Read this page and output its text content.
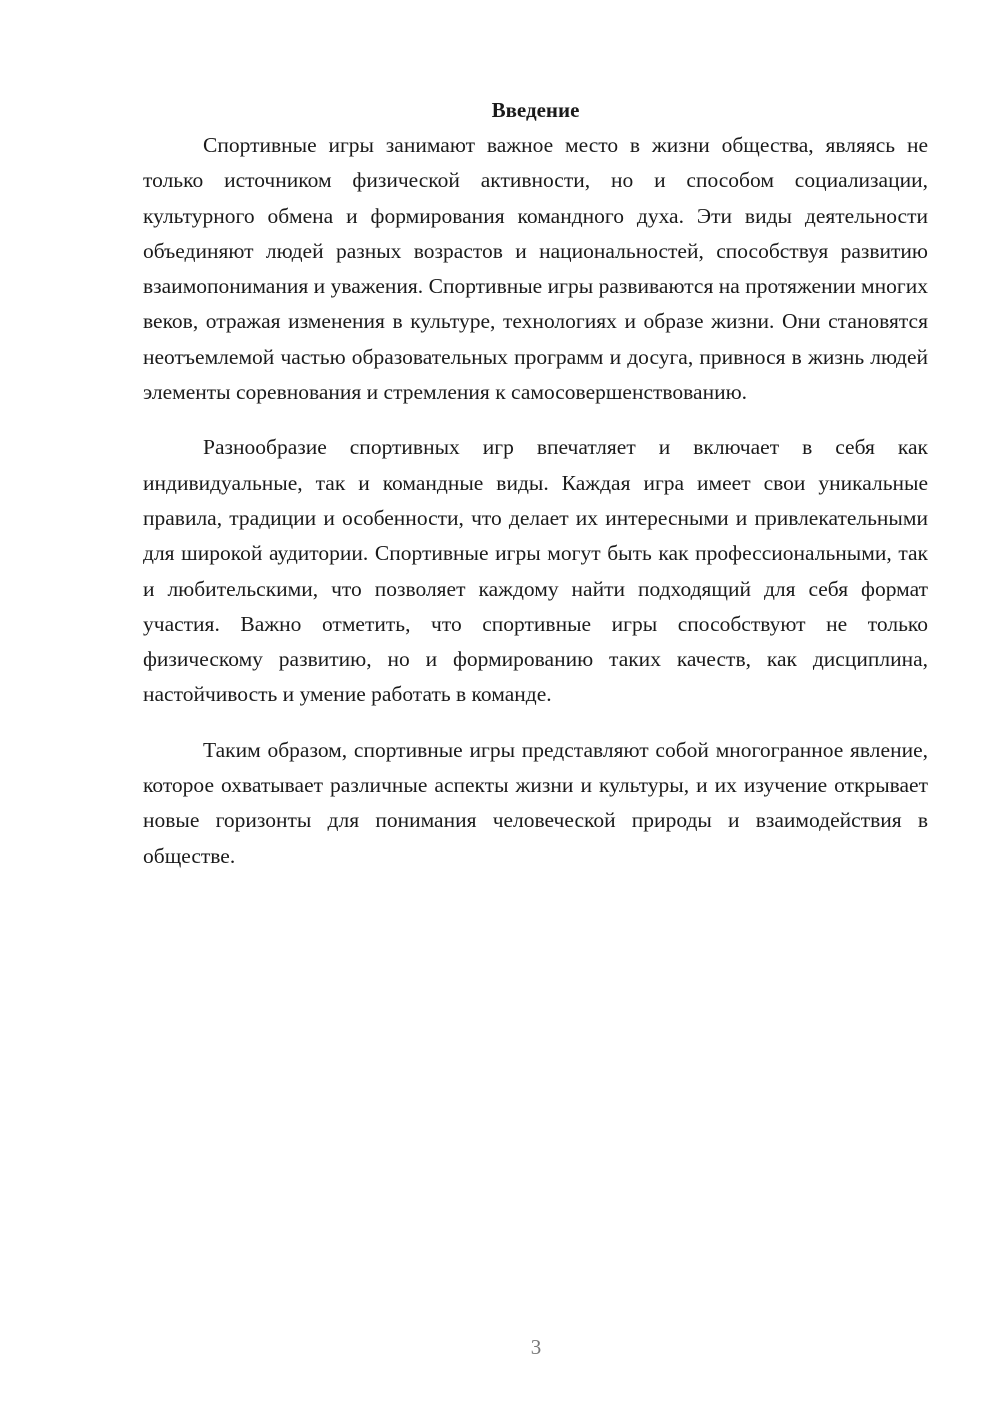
Введение

Спортивные игры занимают важное место в жизни общества, являясь не только источником физической активности, но и способом социализации, культурного обмена и формирования командного духа. Эти виды деятельности объединяют людей разных возрастов и национальностей, способствуя развитию взаимопонимания и уважения. Спортивные игры развиваются на протяжении многих веков, отражая изменения в культуре, технологиях и образе жизни. Они становятся неотъемлемой частью образовательных программ и досуга, привнося в жизнь людей элементы соревнования и стремления к самосовершенствованию.

Разнообразие спортивных игр впечатляет и включает в себя как индивидуальные, так и командные виды. Каждая игра имеет свои уникальные правила, традиции и особенности, что делает их интересными и привлекательными для широкой аудитории. Спортивные игры могут быть как профессиональными, так и любительскими, что позволяет каждому найти подходящий для себя формат участия. Важно отметить, что спортивные игры способствуют не только физическому развитию, но и формированию таких качеств, как дисциплина, настойчивость и умение работать в команде.

Таким образом, спортивные игры представляют собой многогранное явление, которое охватывает различные аспекты жизни и культуры, и их изучение открывает новые горизонты для понимания человеческой природы и взаимодействия в обществе.

3
